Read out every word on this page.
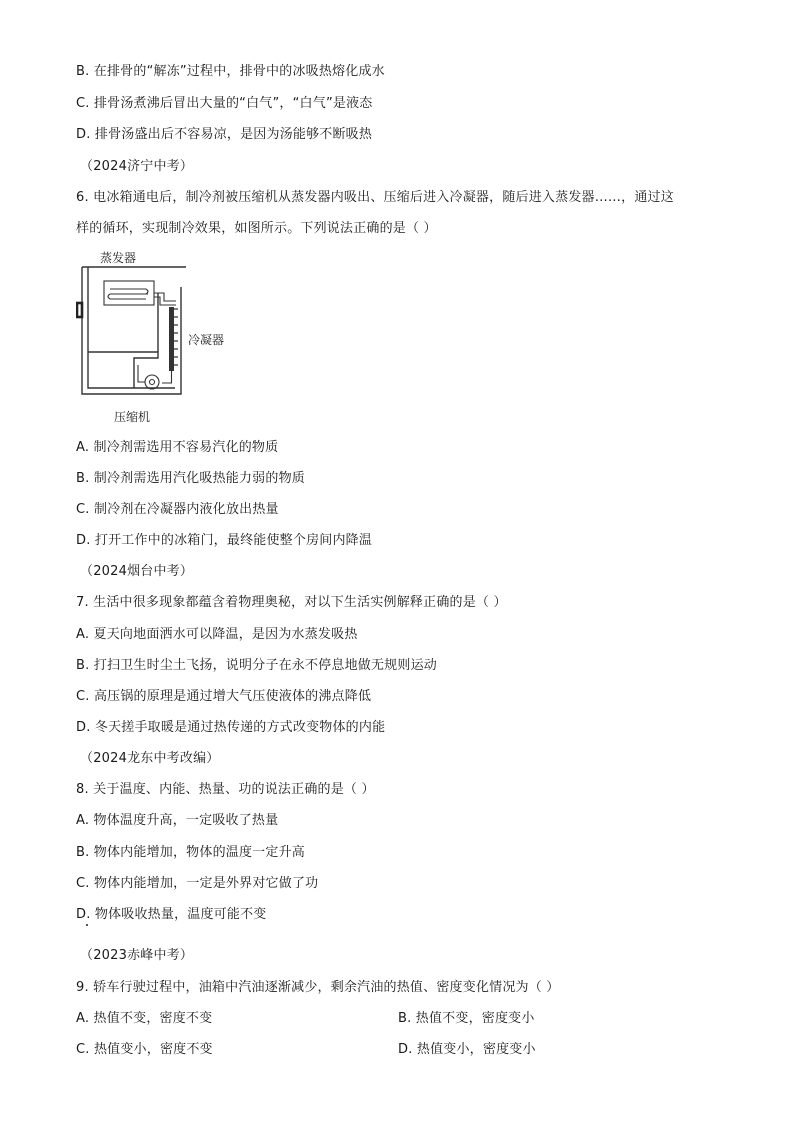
B. 在排骨的“解冻”过程中，排骨中的冰吸热熔化成水
C. 排骨汤煮沸后冒出大量的“白气”，“白气”是液态
D. 排骨汤盛出后不容易凉，是因为汤能够不断吸热
（2024济宁中考）
6. 电冰箱通电后，制冷剂被压缩机从蒸发器内吸出、压缩后进入冷凝器，随后进入蒸发器……，通过这
样的循环，实现制冷效果，如图所示。下列说法正确的是（ ）
蒸发器
冷凝器
压缩机
A. 制冷剂需选用不容易汽化的物质
B. 制冷剂需选用汽化吸热能力弱的物质
C. 制冷剂在冷凝器内液化放出热量
D. 打开工作中的冰箱门，最终能使整个房间内降温
（2024烟台中考）
7. 生活中很多现象都蕴含着物理奥秘，对以下生活实例解释正确的是（ ）
A. 夏天向地面洒水可以降温，是因为水蒸发吸热
B. 打扫卫生时尘土飞扬，说明分子在永不停息地做无规则运动
C. 高压锅的原理是通过增大气压使液体的沸点降低
D. 冬天搓手取暖是通过热传递的方式改变物体的内能
（2024龙东中考改编）
8. 关于温度、内能、热量、功的说法正确的是（ ）
A. 物体温度升高，一定吸收了热量
B. 物体内能增加，物体的温度一定升高
C. 物体内能增加，一定是外界对它做了功
D. 物体吸收热量，温度可能不变
（2023赤峰中考）
9. 轿车行驶过程中，油箱中汽油逐渐减少，剩余汽油的热值、密度变化情况为（ ）
A. 热值不变，密度不变	B. 热值不变，密度变小
C. 热值变小，密度不变	D. 热值变小，密度变小
